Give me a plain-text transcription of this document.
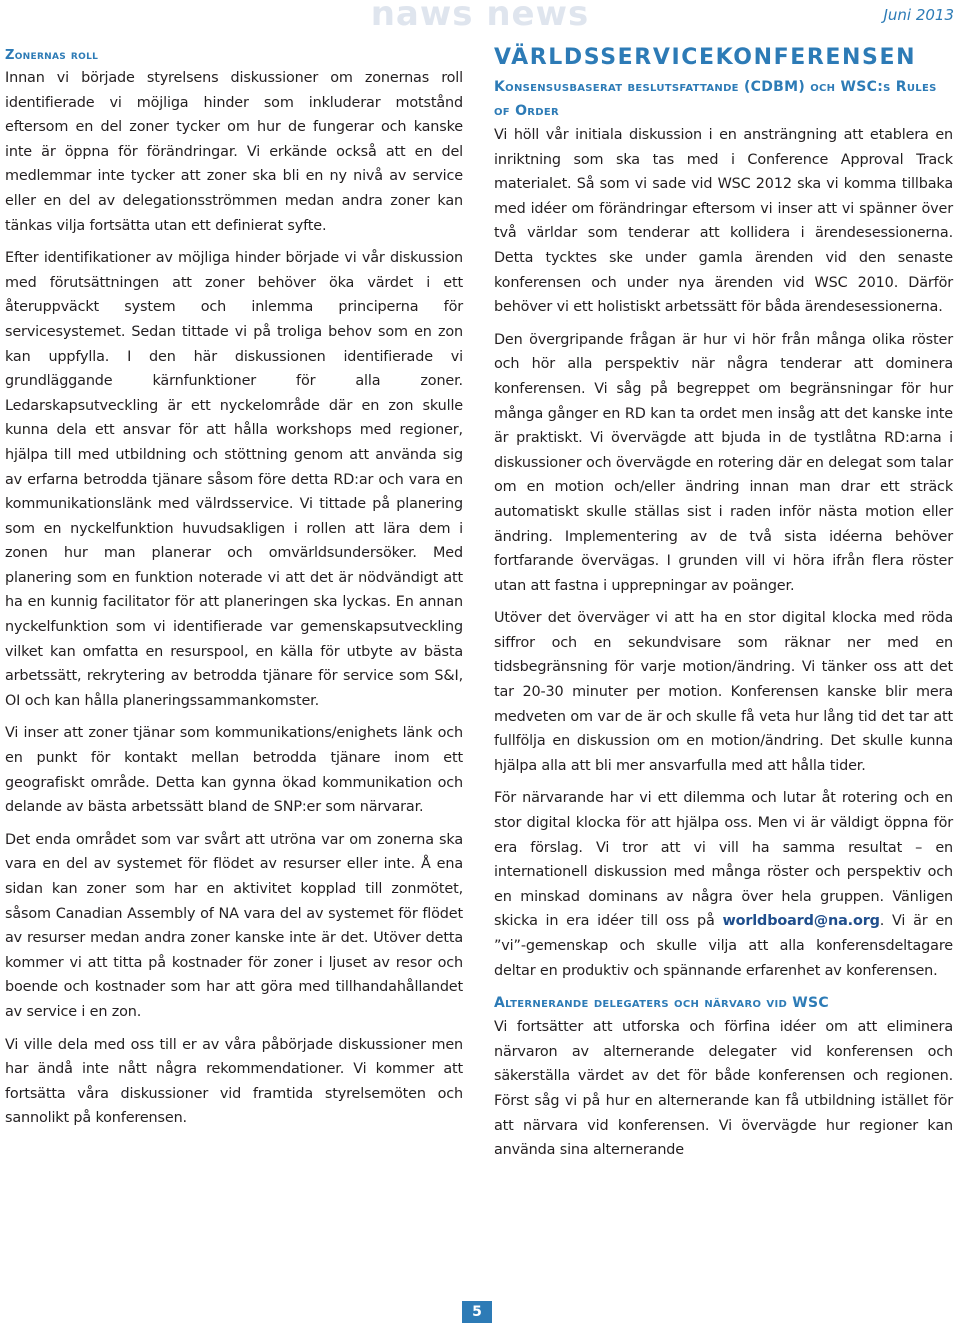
naws news	Juni 2013
Zonernas roll

Innan vi började styrelsens diskussioner om zonernas roll identifierade vi möjliga hinder som inkluderar motstånd eftersom en del zoner tycker om hur de fungerar och kanske inte är öppna för förändringar. Vi erkände också att en del medlemmar inte tycker att zoner ska bli en ny nivå av service eller en del av delegationsströmmen medan andra zoner kan tänkas vilja fortsätta utan ett definierat syfte.

Efter identifikationer av möjliga hinder började vi vår diskussion med förutsättningen att zoner behöver öka värdet i ett återuppväckt system och inlemma principerna för servicesystemet. Sedan tittade vi på troliga behov som en zon kan uppfylla. I den här diskussionen identifierade vi grundläggande kärnfunktioner för alla zoner. Ledarskapsutveckling är ett nyckelområde där en zon skulle kunna dela ett ansvar för att hålla workshops med regioner, hjälpa till med utbildning och stöttning genom att använda sig av erfarna betrodda tjänare såsom före detta RD:ar och vara en kommunikationslänk med välrdsservice. Vi tittade på planering som en nyckelfunktion huvudsakligen i rollen att lära dem i zonen hur man planerar och omvärldsundersöker. Med planering som en funktion noterade vi att det är nödvändigt att ha en kunnig facilitator för att planeringen ska lyckas. En annan nyckelfunktion som vi identifierade var gemenskapsutveckling vilket kan omfatta en resurspool, en källa för utbyte av bästa arbetssätt, rekrytering av betrodda tjänare för service som S&I, OI och kan hålla planeringssammankomster.

Vi inser att zoner tjänar som kommunikations/enighets länk och en punkt för kontakt mellan betrodda tjänare inom ett geografiskt område. Detta kan gynna ökad kommunikation och delande av bästa arbetssätt bland de SNP:er som närvarar.

Det enda området som var svårt att utröna var om zonerna ska vara en del av systemet för flödet av resurser eller inte. Å ena sidan kan zoner som har en aktivitet kopplad till zonmötet, såsom Canadian Assembly of NA vara del av systemet för flödet av resurser medan andra zoner kanske inte är det. Utöver detta kommer vi att titta på kostnader för zoner i ljuset av resor och boende och kostnader som har att göra med tillhandahållandet av service i en zon.

Vi ville dela med oss till er av våra påbörjade diskussioner men har ändå inte nått några rekommendationer. Vi kommer att fortsätta våra diskussioner vid framtida styrelsemöten och sannolikt på konferensen.

VÄRLDSSERVICEKONFERENSEN
Konsensusbaserat beslutsfattande (CDBM) och WSC:s Rules of Order

Vi höll vår initiala diskussion i en ansträngning att etablera en inriktning som ska tas med i Conference Approval Track materialet. Så som vi sade vid WSC 2012 ska vi komma tillbaka med idéer om förändringar eftersom vi inser att vi spänner över två världar som tenderar att kollidera i ärendesessionerna. Detta tycktes ske under gamla ärenden vid den senaste konferensen och under nya ärenden vid WSC 2010. Därför behöver vi ett holistiskt arbetssätt för båda ärendesessionerna.

Den övergripande frågan är hur vi hör från många olika röster och hör alla perspektiv när några tenderar att dominera konferensen. Vi såg på begreppet om begränsningar för hur många gånger en RD kan ta ordet men insåg att det kanske inte är praktiskt. Vi övervägde att bjuda in de tystlåtna RD:arna i diskussioner och övervägde en rotering där en delegat som talar om en motion och/eller ändring innan man drar ett sträck automatiskt skulle ställas sist i raden inför nästa motion eller ändring. Implementering av de två sista idéerna behöver fortfarande övervägas. I grunden vill vi höra ifrån flera röster utan att fastna i upprepningar av poänger.

Utöver det överväger vi att ha en stor digital klocka med röda siffror och en sekundvisare som räknar ner med en tidsbegränsning för varje motion/ändring. Vi tänker oss att det tar 20-30 minuter per motion. Konferensen kanske blir mera medveten om var de är och skulle få veta hur lång tid det tar att fullfölja en diskussion om en motion/ändring. Det skulle kunna hjälpa alla att bli mer ansvarfulla med att hålla tider.

För närvarande har vi ett dilemma och lutar åt rotering och en stor digital klocka för att hjälpa oss. Men vi är väldigt öppna för era förslag. Vi tror att vi vill ha samma resultat – en internationell diskussion med många röster och perspektiv och en minskad dominans av några över hela gruppen. Vänligen skicka in era idéer till oss på worldboard@na.org. Vi är en ”vi”-gemenskap och skulle vilja att alla konferensdeltagare deltar en produktiv och spännande erfarenhet av konferensen.

Alternerande delegaters och närvaro vid WSC

Vi fortsätter att utforska och förfina idéer om att eliminera närvaron av alternerande delegater vid konferensen och säkerställa värdet av det för både konferensen och regionen. Först såg vi på hur en alternerande kan få utbildning istället för att närvara vid konferensen. Vi övervägde hur regioner kan använda sina alternerande

5
